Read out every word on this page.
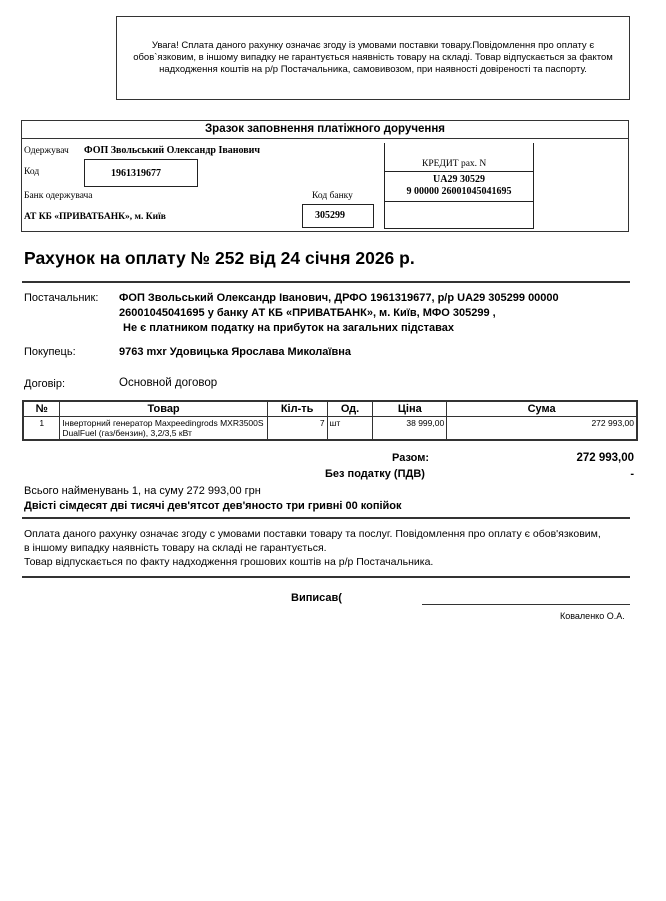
Увага! Сплата даного рахунку означає згоду із умовами поставки товару.Повідомлення про оплату є обов`язковим, в іншому випадку не гарантується наявність товару на складі. Товар відпускається за фактом надходження коштів на р/р Постачальника, самовивозом, при наявності довіреності та паспорту.
Зразок заповнення платіжного доручення
Одержувач ФОП Звольський Олександр Іванович
Код	1961319677
Банк одержувача
АТ КБ «ПРИВАТБАНК», м. Київ
Код банку
305299
КРЕДИТ рах. N
UA29 30529
9 00000 26001045041695
Рахунок на оплату № 252 від 24 січня 2026 р.
Постачальник: ФОП Звольський Олександр Іванович, ДРФО 1961319677, р/р UA29 305299 00000
26001045041695 у банку АТ КБ «ПРИВАТБАНК», м. Київ, МФО 305299 ,
Не є платником податку на прибуток на загальних підставах
Покупець:	9763 mxr Удовицька Ярослава Миколаївна
Договір:	Основной договор
№	Товар	Кіл-ть	Од.	Ціна	Сума
1	Інверторний генератор Maxpeedingrods MXR3500S DualFuel (газ/бензин), 3,2/3,5 кВт	7	шт	38 999,00	272 993,00
Разом:	272 993,00
Без податку (ПДВ)	-
Всього найменувань 1, на суму 272 993,00 грн
Двісті сімдесят дві тисячі дев'ятсот дев'яносто три гривні 00 копійок
Оплата даного рахунку означає згоду с умовами поставки товару та послуг. Повідомлення про оплату є обов'язковим,
в іншому випадку наявність товару на складі не гарантується.
Товар відпускається по факту надходження грошових коштів на р/р Постачальника.
Виписав(
Коваленко О.А.
